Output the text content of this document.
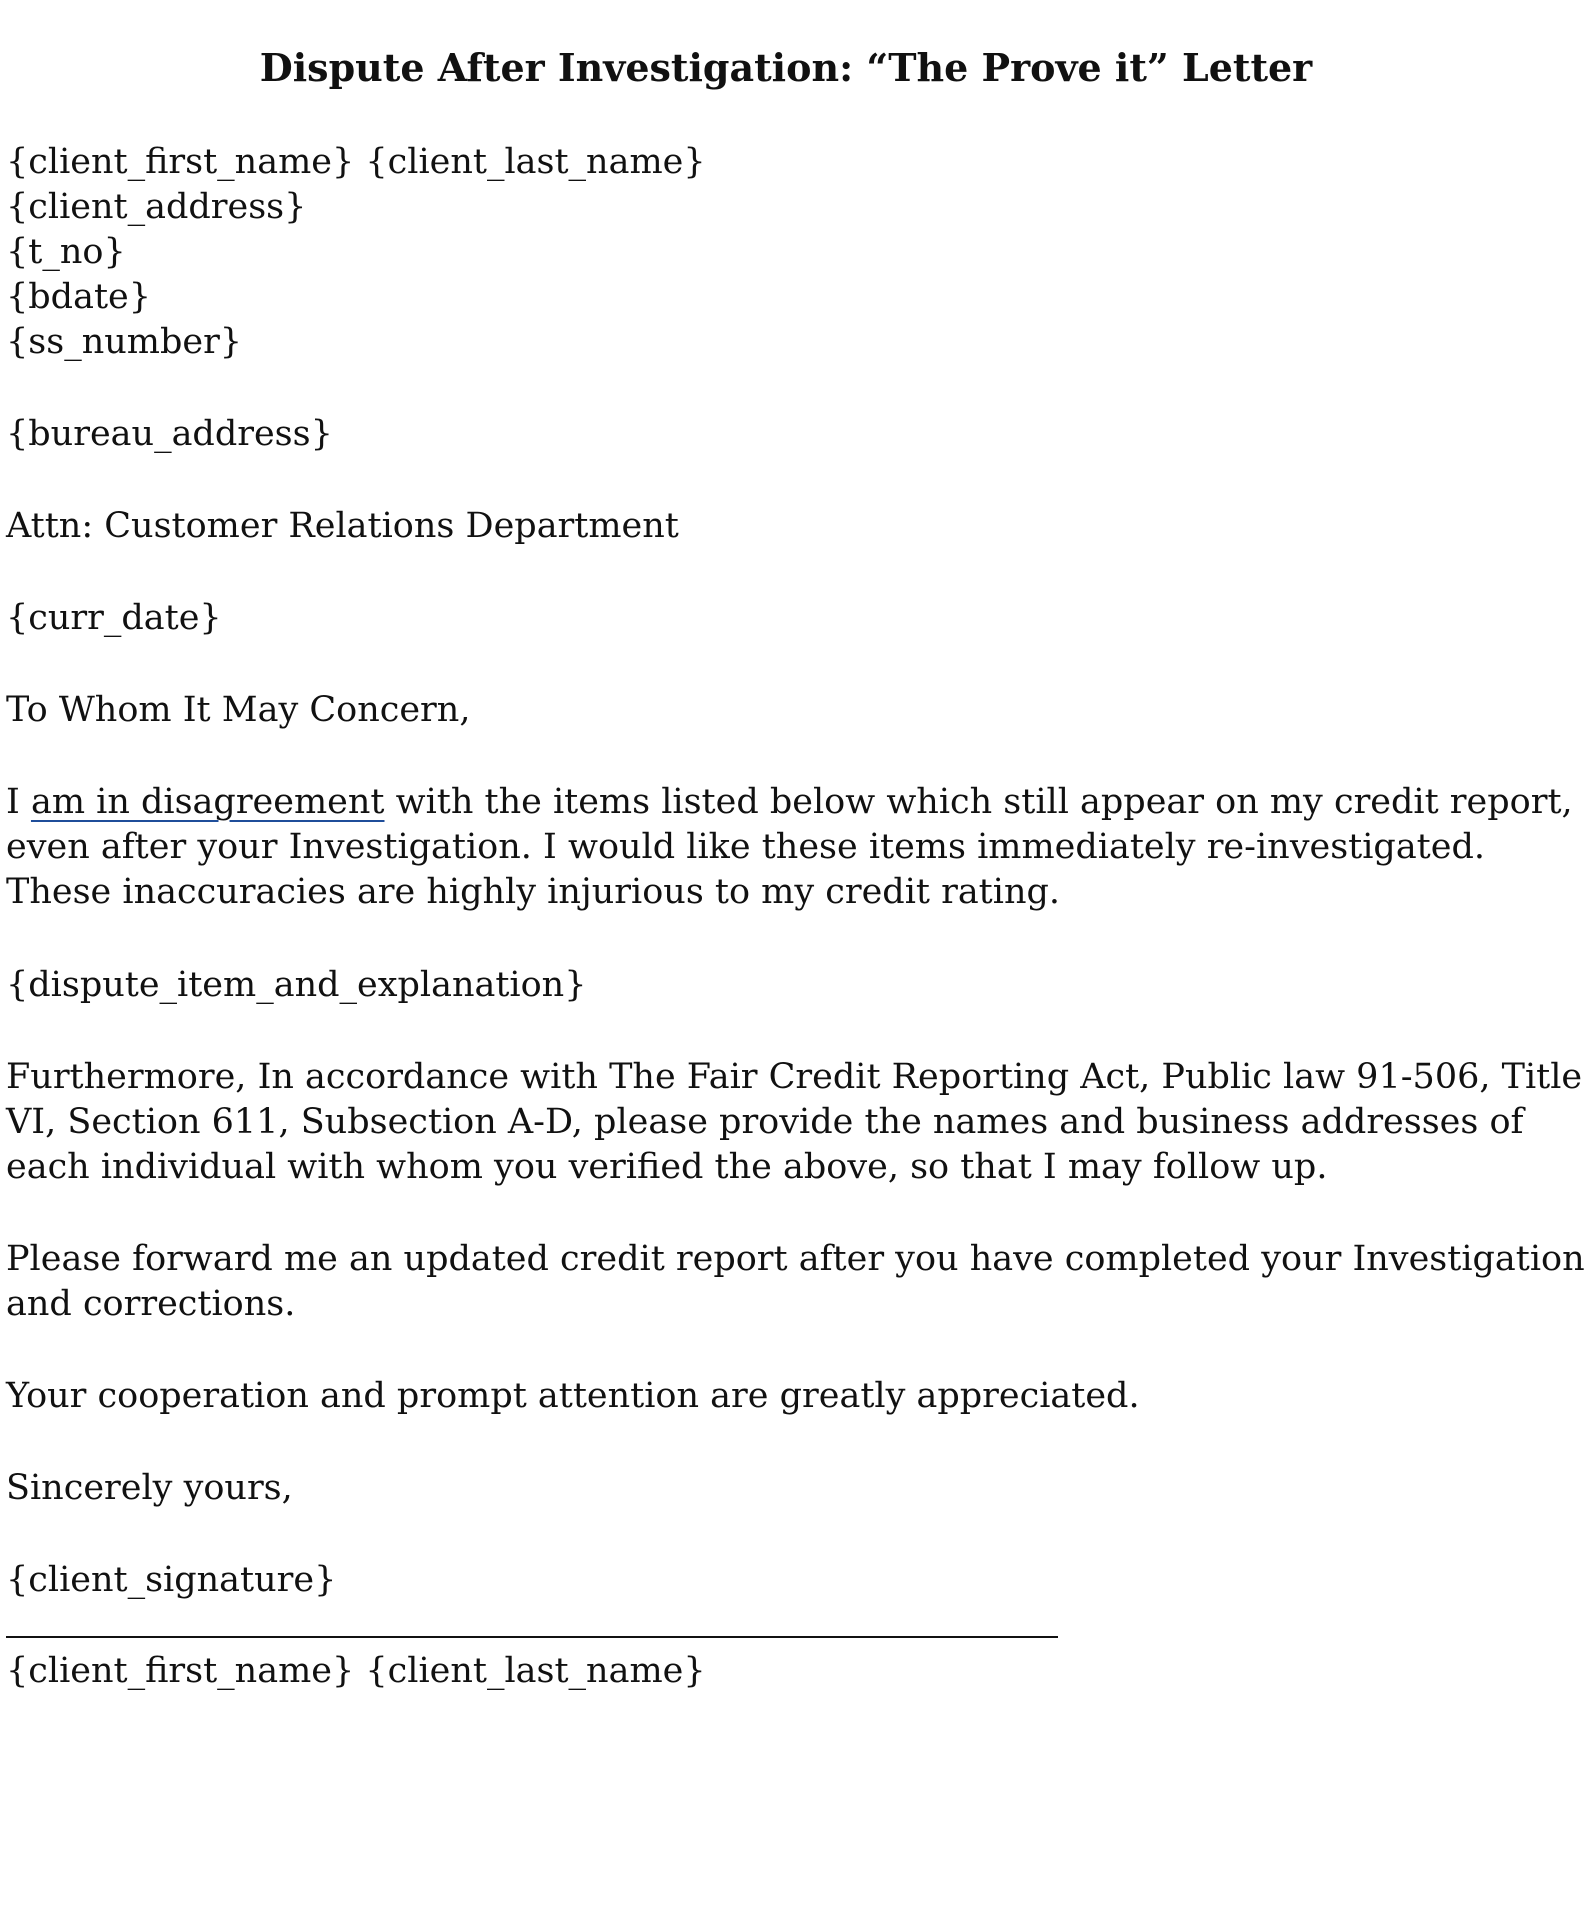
Dispute After Investigation: “The Prove it” Letter
{client_first_name} {client_last_name}
{client_address}
{t_no}
{bdate}
{ss_number}
{bureau_address}
Attn: Customer Relations Department
{curr_date}
To Whom It May Concern,
I am in disagreement with the items listed below which still appear on my credit report,
even after your Investigation. I would like these items immediately re-investigated.
These inaccuracies are highly injurious to my credit rating.
{dispute_item_and_explanation}
Furthermore, In accordance with The Fair Credit Reporting Act, Public law 91-506, Title
VI, Section 611, Subsection A-D, please provide the names and business addresses of
each individual with whom you verified the above, so that I may follow up.
Please forward me an updated credit report after you have completed your Investigation
and corrections.
Your cooperation and prompt attention are greatly appreciated.
Sincerely yours,
{client_signature}
{client_first_name} {client_last_name}
